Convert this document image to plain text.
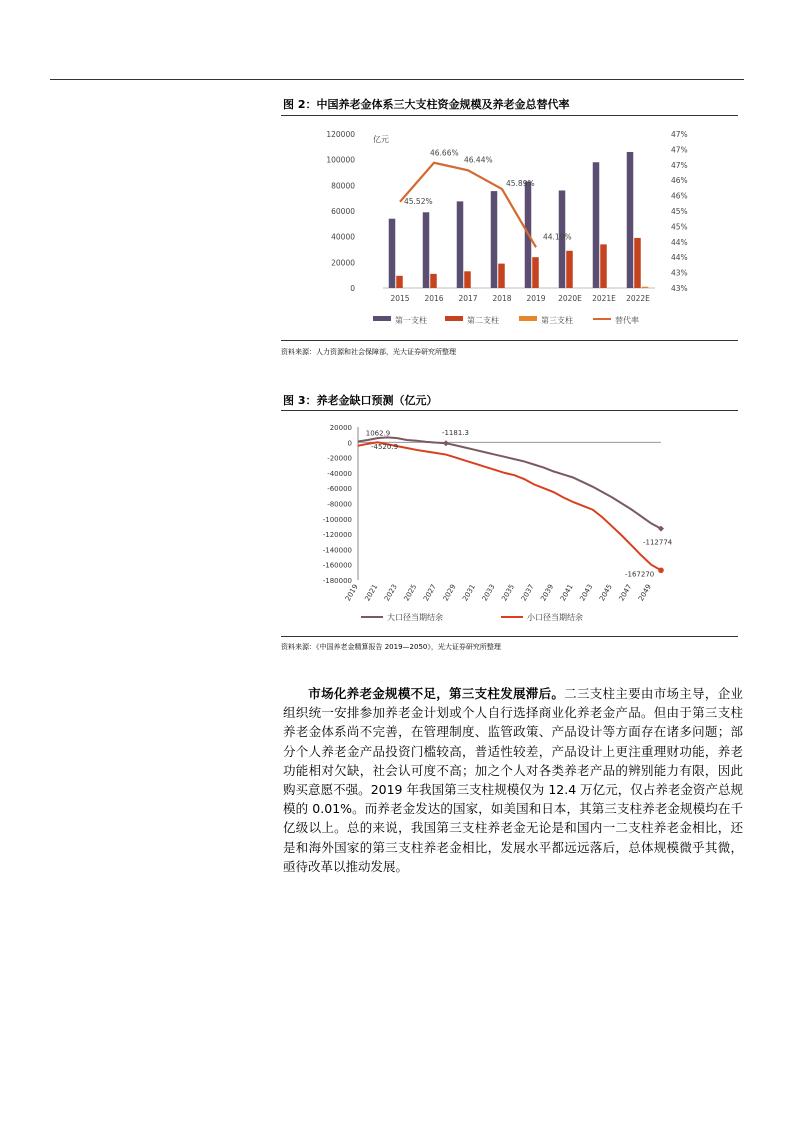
图 2：中国养老金体系三大支柱资金规模及养老金总替代率
0
20000
40000
60000
80000
100000
120000
43%
43%
44%
44%
45%
45%
46%
46%
47%
47%
47%
亿元
2015 2016 2017 2018 2019 2020E 2021E 2022E
45.52%
46.66%
46.44%
45.89%
44.19%
第一支柱	第二支柱	第三支柱	替代率
资料来源：人力资源和社会保障部，光大证券研究所整理
图 3：养老金缺口预测（亿元）
20000
0
-20000
-40000
-60000
-80000
-100000
-120000
-140000
-160000
-180000
2019 2021 2023 2025 2027 2029 2031 2033 2035 2037 2039 2041 2043 2045 2047 2049
1062.9
-4520.9
-1181.3
-112774
-167270
大口径当期结余	小口径当期结余
资料来源：《中国养老金精算报告 2019—2050》，光大证券研究所整理
  市场化养老金规模不足，第三支柱发展滞后。二三支柱主要由市场主导，企业组织统一安排参加养老金计划或个人自行选择商业化养老金产品。但由于第三支柱养老金体系尚不完善，在管理制度、监管政策、产品设计等方面存在诸多问题；部分个人养老金产品投资门槛较高，普适性较差，产品设计上更注重理财功能，养老功能相对欠缺，社会认可度不高；加之个人对各类养老产品的辨别能力有限，因此购买意愿不强。2019 年我国第三支柱规模仅为 12.4 万亿元，仅占养老金资产总规模的 0.01%。而养老金发达的国家，如美国和日本，其第三支柱养老金规模均在千亿级以上。总的来说，我国第三支柱养老金无论是和国内一二支柱养老金相比，还是和海外国家的第三支柱养老金相比，发展水平都远远落后，总体规模微乎其微，亟待改革以推动发展。
